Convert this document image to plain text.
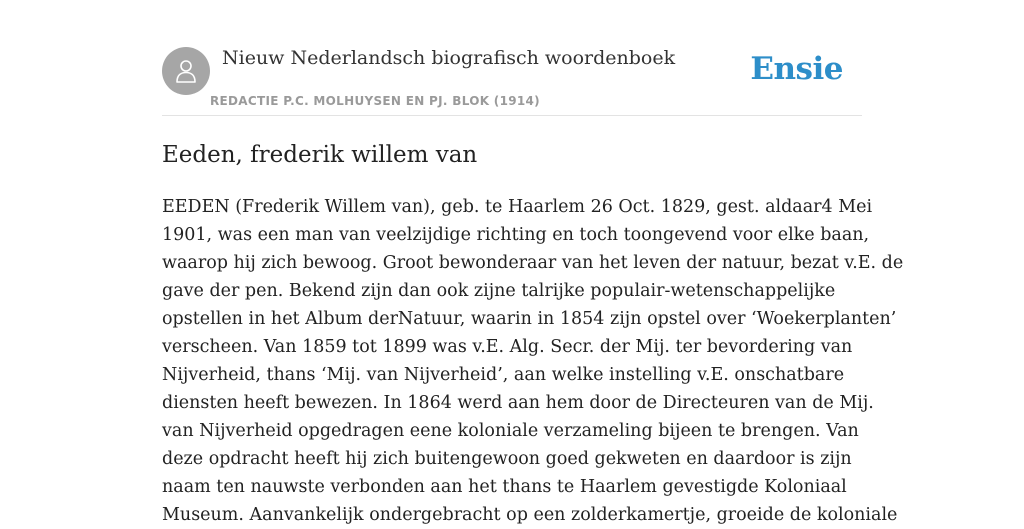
Nieuw Nederlandsch biografisch woordenboek
REDACTIE P.C. MOLHUYSEN EN PJ. BLOK (1914)
Ensie
Eeden, frederik willem van
EEDEN (Frederik Willem van), geb. te Haarlem 26 Oct. 1829, gest. aldaar4 Mei
1901, was een man van veelzijdige richting en toch toongevend voor elke baan,
waarop hij zich bewoog. Groot bewonderaar van het leven der natuur, bezat v.E. de
gave der pen. Bekend zijn dan ook zijne talrijke populair-wetenschappelijke
opstellen in het Album derNatuur, waarin in 1854 zijn opstel over ‘Woekerplanten’
verscheen. Van 1859 tot 1899 was v.E. Alg. Secr. der Mij. ter bevordering van
Nijverheid, thans ‘Mij. van Nijverheid’, aan welke instelling v.E. onschatbare
diensten heeft bewezen. In 1864 werd aan hem door de Directeuren van de Mij.
van Nijverheid opgedragen eene koloniale verzameling bijeen te brengen. Van
deze opdracht heeft hij zich buitengewoon goed gekweten en daardoor is zijn
naam ten nauwste verbonden aan het thans te Haarlem gevestigde Koloniaal
Museum. Aanvankelijk ondergebracht op een zolderkamertje, groeide de koloniale
